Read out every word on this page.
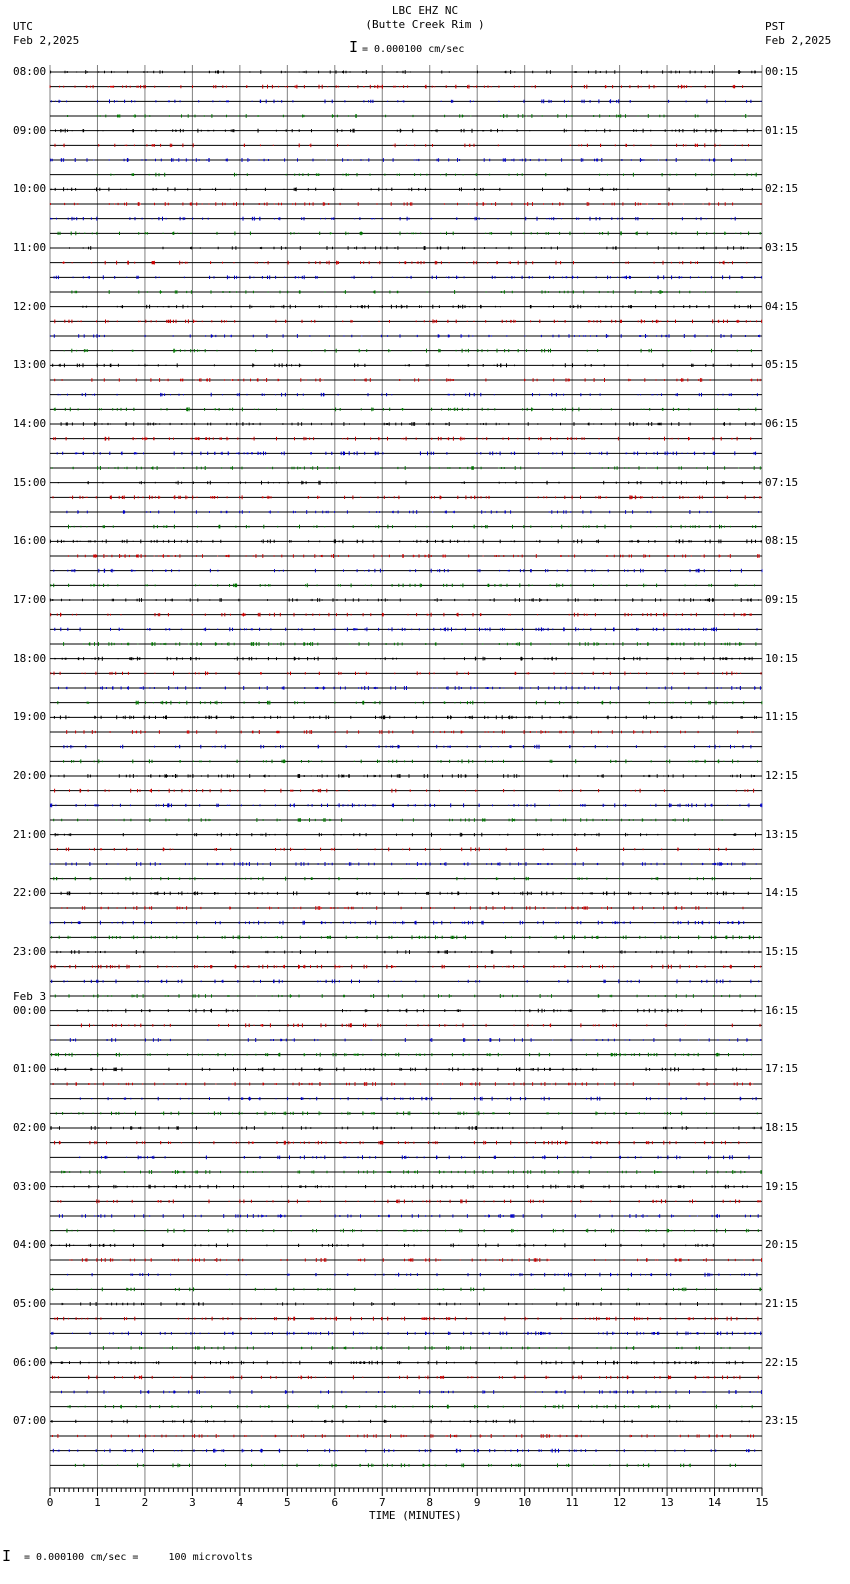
LBC EHZ NC
(Butte Creek Rim )
I = 0.000100 cm/sec
UTC
Feb 2,2025
PST
Feb 2,2025
08:00
09:00
10:00
11:00
12:00
13:00
14:00
15:00
16:00
17:00
18:00
19:00
20:00
21:00
22:00
23:00
00:00
Feb 3
01:00
02:00
03:00
04:00
05:00
06:00
07:00
00:15
01:15
02:15
03:15
04:15
05:15
06:15
07:15
08:15
09:15
10:15
11:15
12:15
13:15
14:15
15:15
16:15
17:15
18:15
19:15
20:15
21:15
22:15
23:15
0	1	2	3	4	5	6	7	8	9	10	11	12	13	14	15
TIME (MINUTES)
I = 0.000100 cm/sec =     100 microvolts
